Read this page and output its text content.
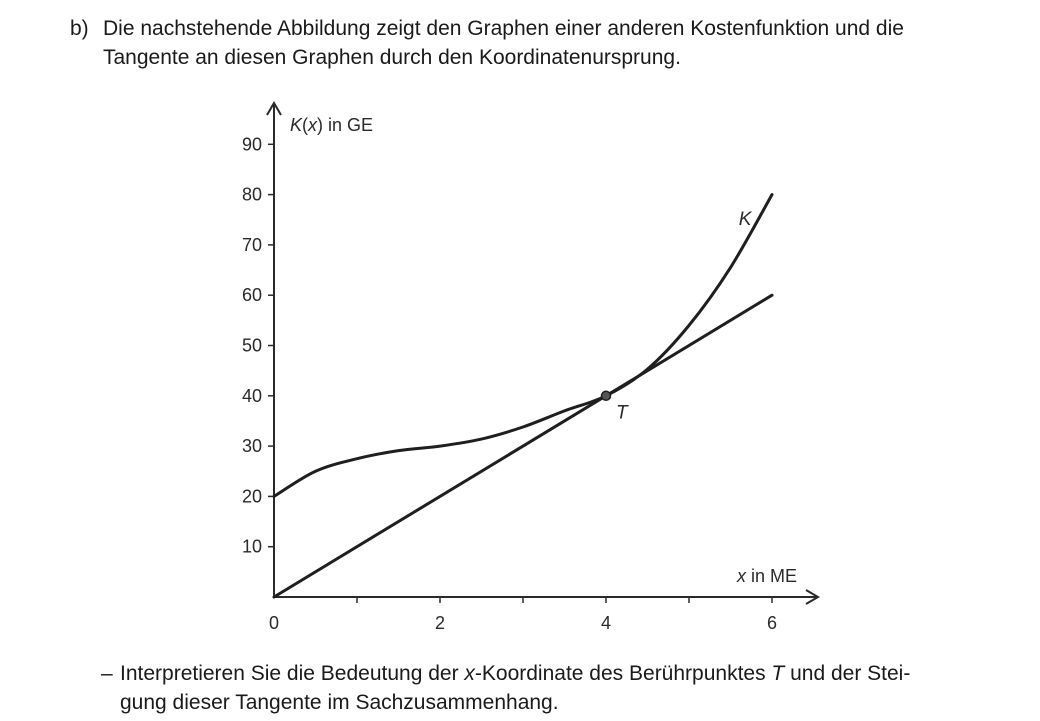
b) Die nachstehende Abbildung zeigt den Graphen einer anderen Kostenfunktion und die
Tangente an diesen Graphen durch den Koordinatenursprung.
0	2	4	6
10
20
30
40
50
60
70
80
90
K
T
K(x) in GE
x in ME
– Interpretieren Sie die Bedeutung der x-Koordinate des Berührpunktes T und der Stei-
gung dieser Tangente im Sachzusammenhang.
